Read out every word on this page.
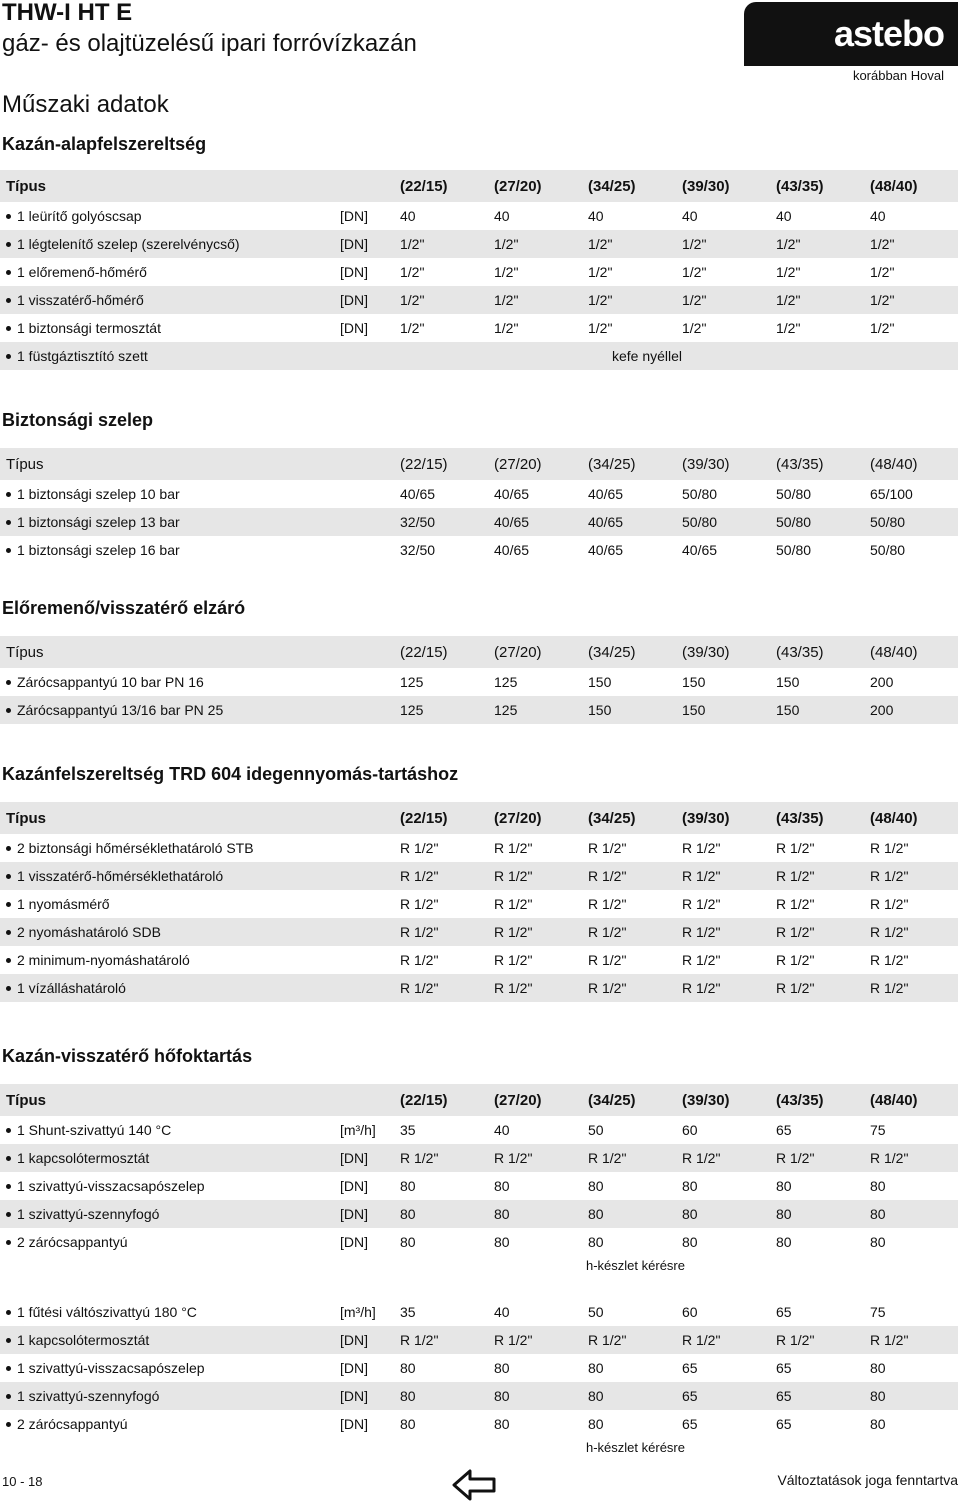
THW-I HT E
gáz- és olajtüzelésű ipari forróvízkazán
Műszaki adatok
astebo
korábban Hoval
Kazán-alapfelszereltség
Típus		(22/15)	(27/20)	(34/25)	(39/30)	(43/35)	(48/40)	
1 leürítő golyóscsap	[DN]	40	40	40	40	40	40	
1 légtelenítő szelep (szerelvénycső)	[DN]	1/2"	1/2"	1/2"	1/2"	1/2"	1/2"	
1 előremenő-hőmérő	[DN]	1/2"	1/2"	1/2"	1/2"	1/2"	1/2"	
1 visszatérő-hőmérő	[DN]	1/2"	1/2"	1/2"	1/2"	1/2"	1/2"	
1 biztonsági termosztát	[DN]	1/2"	1/2"	1/2"	1/2"	1/2"	1/2"	
1 füstgáztisztító szett		kefe nyéllel						
Biztonsági szelep
Típus		(22/15)	(27/20)	(34/25)	(39/30)	(43/35)	(48/40)	
1 biztonsági szelep 10 bar		40/65	40/65	40/65	50/80	50/80	65/100	
1 biztonsági szelep 13 bar		32/50	40/65	40/65	50/80	50/80	50/80	
1 biztonsági szelep 16 bar		32/50	40/65	40/65	40/65	50/80	50/80	
Előremenő/visszatérő elzáró
Típus		(22/15)	(27/20)	(34/25)	(39/30)	(43/35)	(48/40)	
Zárócsappantyú 10 bar PN 16		125	125	150	150	150	200	
Zárócsappantyú 13/16 bar PN 25		125	125	150	150	150	200	
Kazánfelszereltség TRD 604 idegennyomás-tartáshoz
Típus		(22/15)	(27/20)	(34/25)	(39/30)	(43/35)	(48/40)	
2 biztonsági hőmérséklethatároló STB		R 1/2"	R 1/2"	R 1/2"	R 1/2"	R 1/2"	R 1/2"	
1 visszatérő-hőmérséklethatároló		R 1/2"	R 1/2"	R 1/2"	R 1/2"	R 1/2"	R 1/2"	
1 nyomásmérő		R 1/2"	R 1/2"	R 1/2"	R 1/2"	R 1/2"	R 1/2"	
2 nyomáshatároló SDB		R 1/2"	R 1/2"	R 1/2"	R 1/2"	R 1/2"	R 1/2"	
2 minimum-nyomáshatároló		R 1/2"	R 1/2"	R 1/2"	R 1/2"	R 1/2"	R 1/2"	
1 vízálláshatároló		R 1/2"	R 1/2"	R 1/2"	R 1/2"	R 1/2"	R 1/2"	
Kazán-visszatérő hőfoktartás
Típus		(22/15)	(27/20)	(34/25)	(39/30)	(43/35)	(48/40)	
1 Shunt-szivattyú 140 °C	[m³/h]	35	40	50	60	65	75	
1 kapcsolótermosztát	[DN]	R 1/2"	R 1/2"	R 1/2"	R 1/2"	R 1/2"	R 1/2"	
1 szivattyú-visszacsapószelep	[DN]	80	80	80	80	80	80	
1 szivattyú-szennyfogó	[DN]	80	80	80	80	80	80	
2 zárócsappantyú	[DN]	80	80	80	80	80	80	
h-készlet kérésre
1 fűtési váltószivattyú 180 °C	[m³/h]	35	40	50	60	65	75	
1 kapcsolótermosztát	[DN]	R 1/2"	R 1/2"	R 1/2"	R 1/2"	R 1/2"	R 1/2"	
1 szivattyú-visszacsapószelep	[DN]	80	80	80	65	65	80	
1 szivattyú-szennyfogó	[DN]	80	80	80	65	65	80	
2 zárócsappantyú	[DN]	80	80	80	65	65	80	
h-készlet kérésre
10 - 18	Változtatások joga fenntartva
